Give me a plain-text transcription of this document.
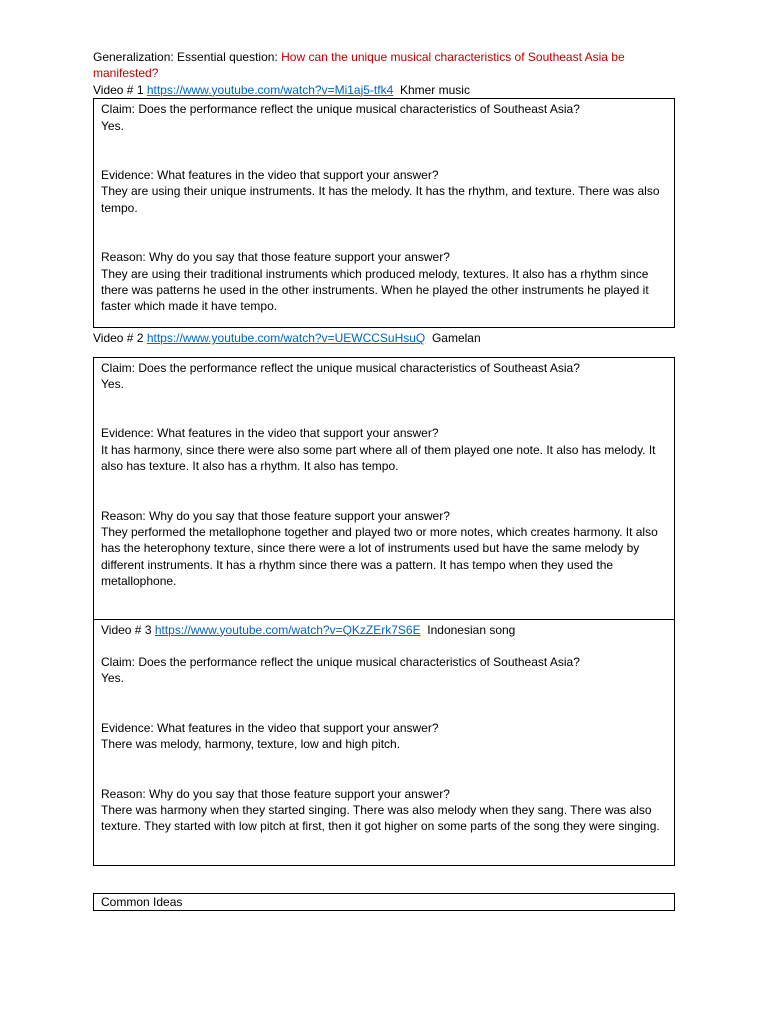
Generalization: Essential question: How can the unique musical characteristics of Southeast Asia be manifested?

Video # 1 https://www.youtube.com/watch?v=Mi1aj5-tfk4 Khmer music

Claim: Does the performance reflect the unique musical characteristics of Southeast Asia?

Yes.

Evidence: What features in the video that support your answer?

They are using their unique instruments. It has the melody. It has the rhythm, and texture. There was also tempo.

Reason: Why do you say that those feature support your answer?

They are using their traditional instruments which produced melody, textures. It also has a rhythm since there was patterns he used in the other instruments. When he played the other instruments he played it faster which made it have tempo.

Video # 2 https://www.youtube.com/watch?v=UEWCCSuHsuQ Gamelan

Claim: Does the performance reflect the unique musical characteristics of Southeast Asia?

Yes.

Evidence: What features in the video that support your answer?

It has harmony, since there were also some part where all of them played one note. It also has melody. It also has texture. It also has a rhythm. It also has tempo.

Reason: Why do you say that those feature support your answer?

They performed the metallophone together and played two or more notes, which creates harmony. It also has the heterophony texture, since there were a lot of instruments used but have the same melody by different instruments. It has a rhythm since there was a pattern. It has tempo when they used the metallophone.

Video # 3 https://www.youtube.com/watch?v=QKzZErk7S6E Indonesian song

Claim: Does the performance reflect the unique musical characteristics of Southeast Asia?

Yes.

Evidence: What features in the video that support your answer?

There was melody, harmony, texture, low and high pitch.

Reason: Why do you say that those feature support your answer?

There was harmony when they started singing. There was also melody when they sang. There was also texture. They started with low pitch at first, then it got higher on some parts of the song they were singing.

Common Ideas
